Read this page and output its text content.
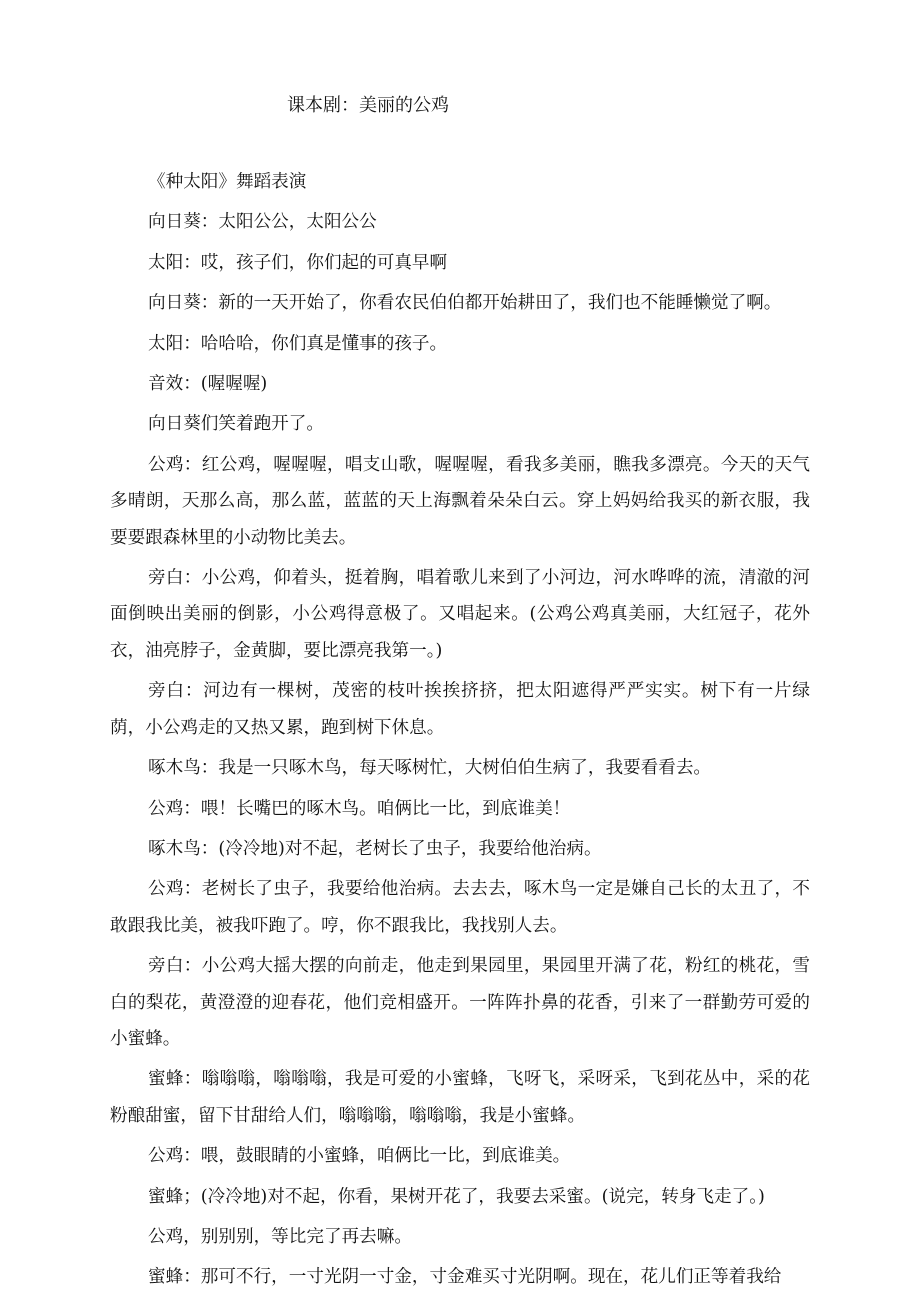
课本剧：美丽的公鸡

《种太阳》舞蹈表演

向日葵：太阳公公，太阳公公

太阳：哎，孩子们，你们起的可真早啊

向日葵：新的一天开始了，你看农民伯伯都开始耕田了，我们也不能睡懒觉了啊。

太阳：哈哈哈，你们真是懂事的孩子。

音效：(喔喔喔)

向日葵们笑着跑开了。

公鸡：红公鸡，喔喔喔，唱支山歌，喔喔喔，看我多美丽，瞧我多漂亮。今天的天气多晴朗，天那么高，那么蓝，蓝蓝的天上海飘着朵朵白云。穿上妈妈给我买的新衣服，我要要跟森林里的小动物比美去。

旁白：小公鸡，仰着头，挺着胸，唱着歌儿来到了小河边，河水哗哗的流，清澈的河面倒映出美丽的倒影，小公鸡得意极了。又唱起来。(公鸡公鸡真美丽，大红冠子，花外衣，油亮脖子，金黄脚，要比漂亮我第一。)

旁白：河边有一棵树，茂密的枝叶挨挨挤挤，把太阳遮得严严实实。树下有一片绿荫，小公鸡走的又热又累，跑到树下休息。

啄木鸟：我是一只啄木鸟，每天啄树忙，大树伯伯生病了，我要看看去。

公鸡：喂！长嘴巴的啄木鸟。咱俩比一比，到底谁美！

啄木鸟：(冷冷地)对不起，老树长了虫子，我要给他治病。

公鸡：老树长了虫子，我要给他治病。去去去，啄木鸟一定是嫌自己长的太丑了，不敢跟我比美，被我吓跑了。哼，你不跟我比，我找别人去。

旁白：小公鸡大摇大摆的向前走，他走到果园里，果园里开满了花，粉红的桃花，雪白的梨花，黄澄澄的迎春花，他们竞相盛开。一阵阵扑鼻的花香，引来了一群勤劳可爱的小蜜蜂。

蜜蜂：嗡嗡嗡，嗡嗡嗡，我是可爱的小蜜蜂，飞呀飞，采呀采，飞到花丛中，采的花粉酿甜蜜，留下甘甜给人们，嗡嗡嗡，嗡嗡嗡，我是小蜜蜂。

公鸡：喂，鼓眼睛的小蜜蜂，咱俩比一比，到底谁美。

蜜蜂；(冷冷地)对不起，你看，果树开花了，我要去采蜜。(说完，转身飞走了。)

公鸡，别别别，等比完了再去嘛。

蜜蜂：那可不行，一寸光阴一寸金，寸金难买寸光阴啊。现在，花儿们正等着我给
